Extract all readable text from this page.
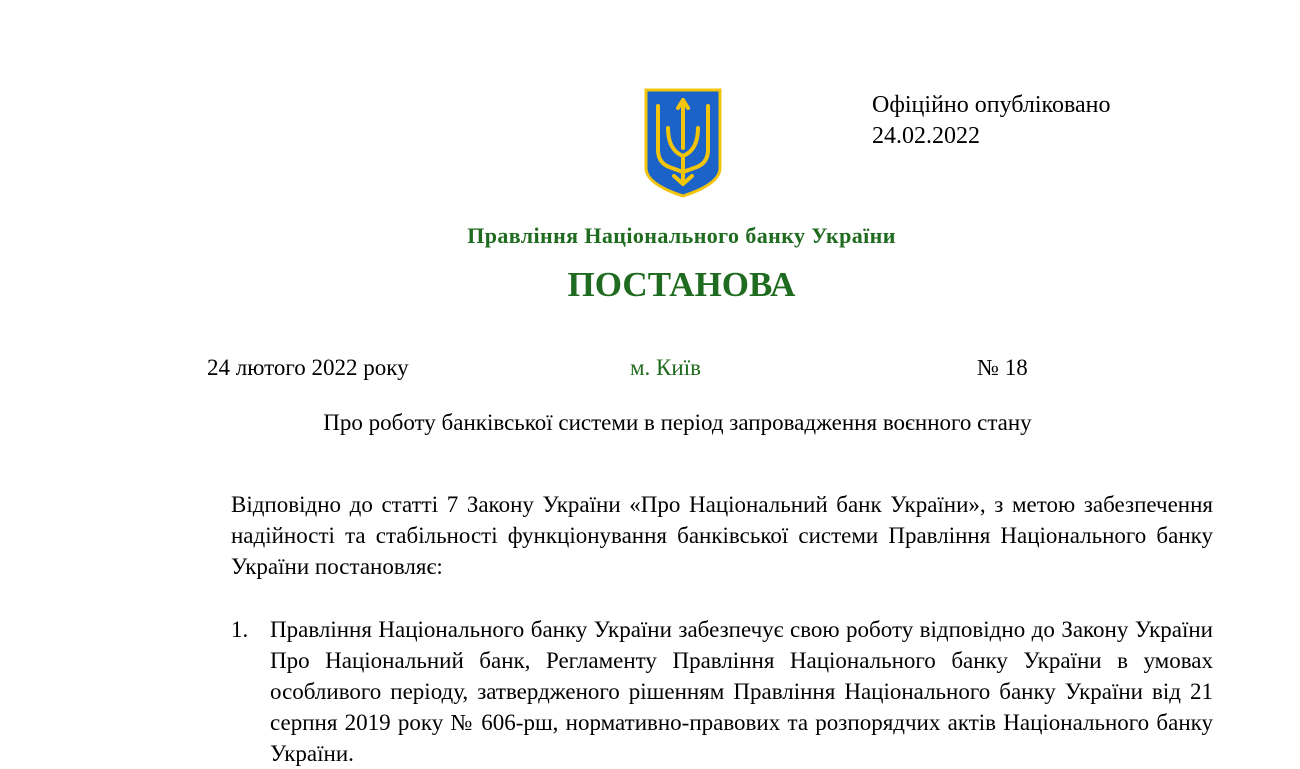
Офіційно опубліковано
24.02.2022
Правління Національного банку України
ПОСТАНОВА
24 лютого 2022 року	м. Київ	№ 18
Про роботу банківської системи в період запровадження воєнного стану
Відповідно до статті 7 Закону України «Про Національний банк України», з метою забезпечення надійності та стабільності функціонування банківської системи Правління Національного банку України постановляє:
1. Правління Національного банку України забезпечує свою роботу відповідно до Закону України Про Національний банк, Регламенту Правління Національного банку України в умовах особливого періоду, затвердженого рішенням Правління Національного банку України від 21 серпня 2019 року № 606-рш, нормативно-правових та розпорядчих актів Національного банку України.
